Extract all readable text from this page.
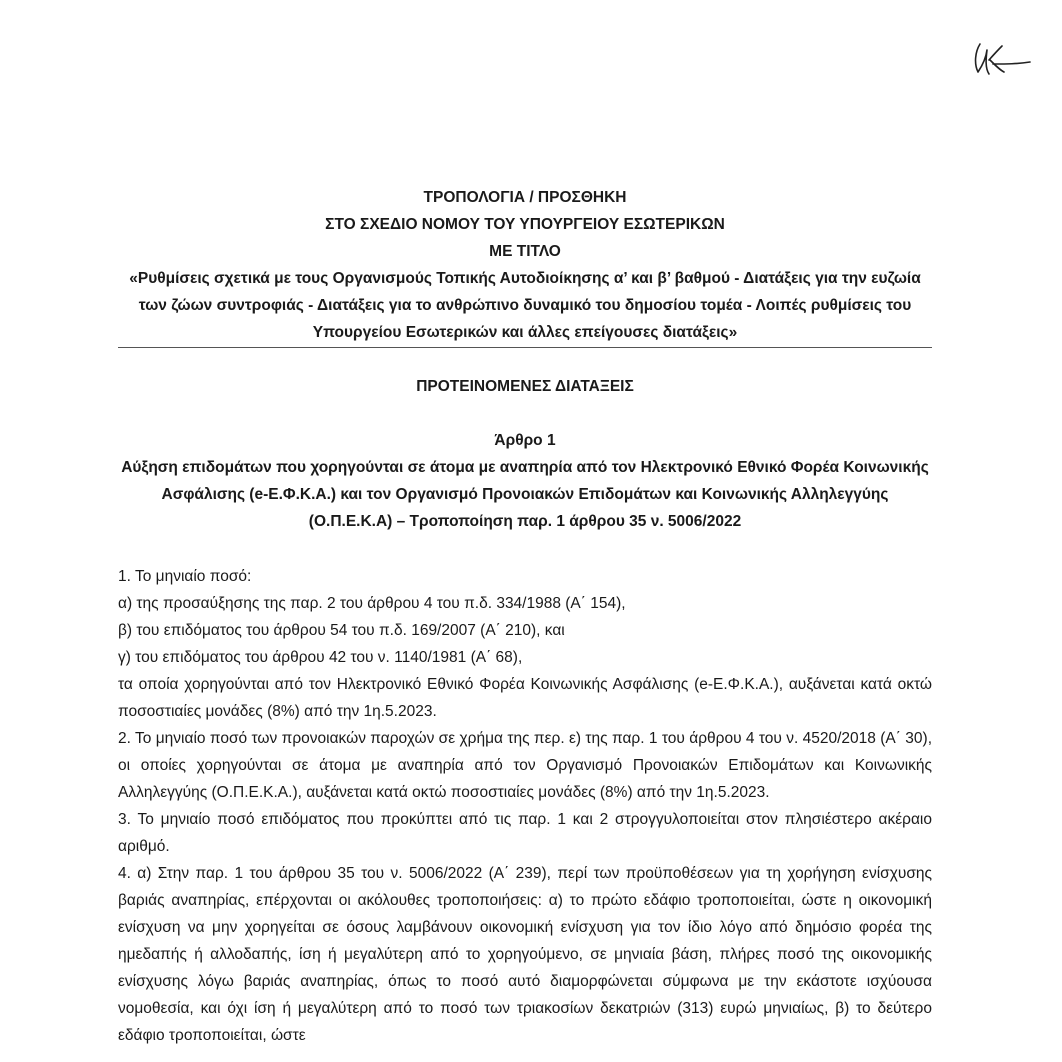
ΤΡΟΠΟΛΟΓΙΑ / ΠΡΟΣΘΗΚΗ
ΣΤΟ ΣΧΕΔΙΟ ΝΟΜΟΥ ΤΟΥ ΥΠΟΥΡΓΕΙΟΥ ΕΣΩΤΕΡΙΚΩΝ
ΜΕ ΤΙΤΛΟ
«Ρυθμίσεις σχετικά με τους Οργανισμούς Τοπικής Αυτοδιοίκησης α’ και β’ βαθμού - Διατάξεις για την ευζωία των ζώων συντροφιάς - Διατάξεις για το ανθρώπινο δυναμικό του δημοσίου τομέα - Λοιπές ρυθμίσεις του Υπουργείου Εσωτερικών και άλλες επείγουσες διατάξεις»
ΠΡΟΤΕΙΝΟΜΕΝΕΣ ΔΙΑΤΑΞΕΙΣ
Άρθρο 1
Αύξηση επιδομάτων που χορηγούνται σε άτομα με αναπηρία από τον Ηλεκτρονικό Εθνικό Φορέα Κοινωνικής Ασφάλισης (e-Ε.Φ.Κ.Α.) και τον Οργανισμό Προνοιακών Επιδομάτων και Κοινωνικής Αλληλεγγύης (Ο.Π.Ε.Κ.Α) – Τροποποίηση παρ. 1 άρθρου 35 ν. 5006/2022

1. Το μηνιαίο ποσό:

α) της προσαύξησης της παρ. 2 του άρθρου 4 του π.δ. 334/1988 (Α΄ 154),

β) του επιδόματος του άρθρου 54 του π.δ. 169/2007 (Α΄ 210), και

γ) του επιδόματος του άρθρου 42 του ν. 1140/1981 (Α΄ 68),

τα οποία χορηγούνται από τον Ηλεκτρονικό Εθνικό Φορέα Κοινωνικής Ασφάλισης (e-Ε.Φ.Κ.Α.), αυξάνεται κατά οκτώ ποσοστιαίες μονάδες (8%) από την 1η.5.2023.

2. Το μηνιαίο ποσό των προνοιακών παροχών σε χρήμα της περ. ε) της παρ. 1 του άρθρου 4 του ν. 4520/2018 (Α΄ 30), οι οποίες χορηγούνται σε άτομα με αναπηρία από τον Οργανισμό Προνοιακών Επιδομάτων και Κοινωνικής Αλληλεγγύης (Ο.Π.Ε.Κ.Α.), αυξάνεται κατά οκτώ ποσοστιαίες μονάδες (8%) από την 1η.5.2023.

3. Το μηνιαίο ποσό επιδόματος που προκύπτει από τις παρ. 1 και 2 στρογγυλοποιείται στον πλησιέστερο ακέραιο αριθμό.

4. α) Στην παρ. 1 του άρθρου 35 του ν. 5006/2022 (Α΄ 239), περί των προϋποθέσεων για τη χορήγηση ενίσχυσης βαριάς αναπηρίας, επέρχονται οι ακόλουθες τροποποιήσεις: α) το πρώτο εδάφιο τροποποιείται, ώστε η οικονομική ενίσχυση να μην χορηγείται σε όσους λαμβάνουν οικονομική ενίσχυση για τον ίδιο λόγο από δημόσιο φορέα της ημεδαπής ή αλλοδαπής, ίση ή μεγαλύτερη από το χορηγούμενο, σε μηνιαία βάση, πλήρες ποσό της οικονομικής ενίσχυσης λόγω βαριάς αναπηρίας, όπως το ποσό αυτό διαμορφώνεται σύμφωνα με την εκάστοτε ισχύουσα νομοθεσία, και όχι ίση ή μεγαλύτερη από το ποσό των τριακοσίων δεκατριών (313) ευρώ μηνιαίως, β) το δεύτερο εδάφιο τροποποιείται, ώστε
